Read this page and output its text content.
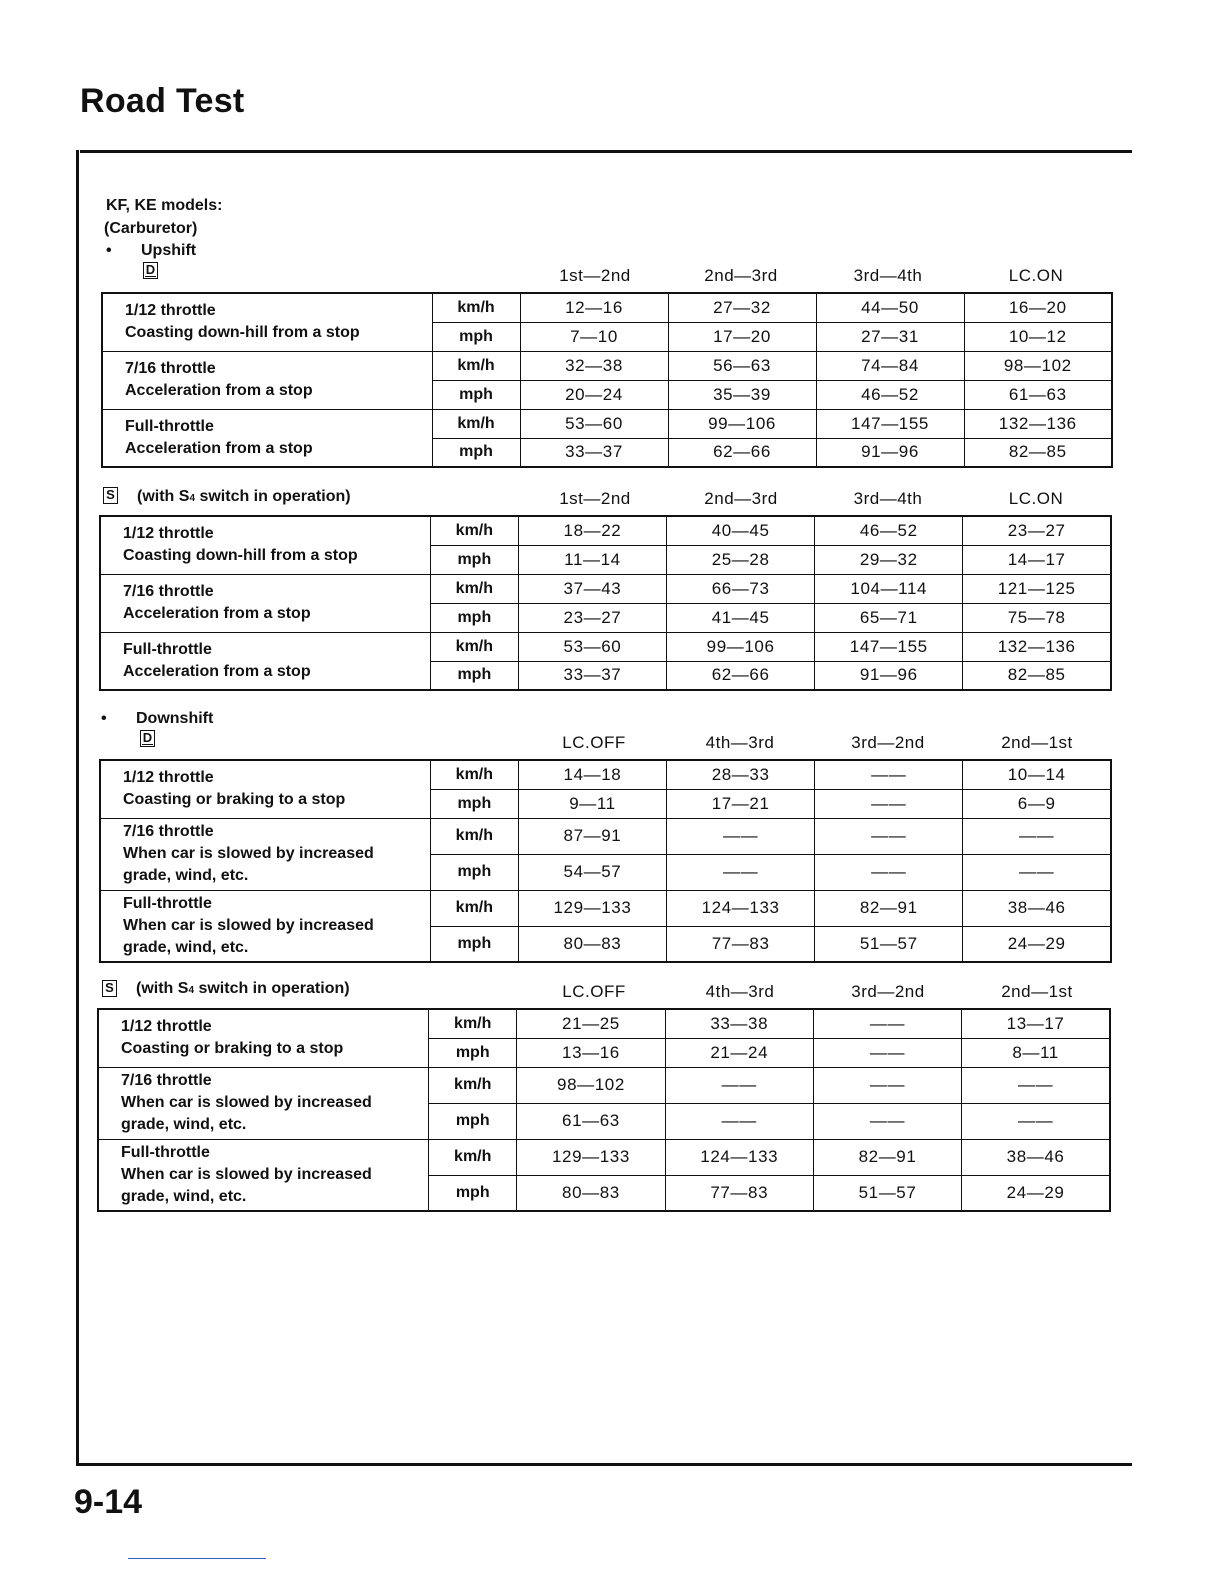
Road Test
KF, KE models:
(Carburetor)
• Upshift
D	1st—2nd	2nd—3rd	3rd—4th	LC.ON
1/12 throttle
Coasting down-hill from a stop	km/h	12—16	27—32	44—50	16—20
	mph	7—10	17—20	27—31	10—12

7/16 throttle
Acceleration from a stop	km/h	32—38	56—63	74—84	98—102
	mph	20—24	35—39	46—52	61—63

Full-throttle
Acceleration from a stop	km/h	53—60	99—106	147—155	132—136
	mph	33—37	62—66	91—96	82—85
S (with S4 switch in operation)	1st—2nd	2nd—3rd	3rd—4th	LC.ON
1/12 throttle
Coasting down-hill from a stop	km/h	18—22	40—45	46—52	23—27
	mph	11—14	25—28	29—32	14—17

7/16 throttle
Acceleration from a stop	km/h	37—43	66—73	104—114	121—125
	mph	23—27	41—45	65—71	75—78

Full-throttle
Acceleration from a stop	km/h	53—60	99—106	147—155	132—136
	mph	33—37	62—66	91—96	82—85
• Downshift
D	LC.OFF	4th—3rd	3rd—2nd	2nd—1st
1/12 throttle
Coasting or braking to a stop	km/h	14—18	28—33	——	10—14
	mph	9—11	17—21	——	6—9

7/16 throttle
When car is slowed by increased
grade, wind, etc.	km/h	87—91	——	——	——
	mph	54—57	——	——	——

Full-throttle
When car is slowed by increased
grade, wind, etc.	km/h	129—133	124—133	82—91	38—46
	mph	80—83	77—83	51—57	24—29
S (with S4 switch in operation)	LC.OFF	4th—3rd	3rd—2nd	2nd—1st
1/12 throttle
Coasting or braking to a stop	km/h	21—25	33—38	——	13—17
	mph	13—16	21—24	——	8—11

7/16 throttle
When car is slowed by increased
grade, wind, etc.	km/h	98—102	——	——	——
	mph	61—63	——	——	——

Full-throttle
When car is slowed by increased
grade, wind, etc.	km/h	129—133	124—133	82—91	38—46
	mph	80—83	77—83	51—57	24—29
9-14
